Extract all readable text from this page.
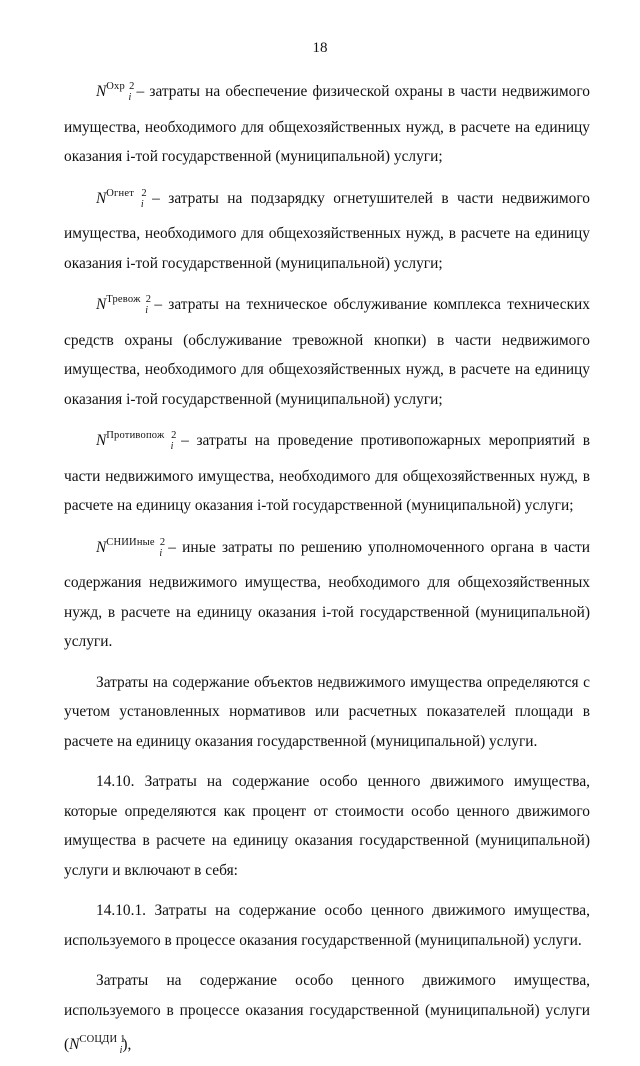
18

$N^{Охр 2}_i$ – затраты на обеспечение физической охраны в части недвижимого имущества, необходимого для общехозяйственных нужд, в расчете на единицу оказания i-той государственной (муниципальной) услуги;

$N^{Огнет 2}_i$ – затраты на подзарядку огнетушителей в части недвижимого имущества, необходимого для общехозяйственных нужд, в расчете на единицу оказания i-той государственной (муниципальной) услуги;

$N^{Тревож 2}_i$ – затраты на техническое обслуживание комплекса технических средств охраны (обслуживание тревожной кнопки) в части недвижимого имущества, необходимого для общехозяйственных нужд, в расчете на единицу оказания i-той государственной (муниципальной) услуги;

$N^{Противопож 2}_i$ – затраты на проведение противопожарных мероприятий в части недвижимого имущества, необходимого для общехозяйственных нужд, в расчете на единицу оказания i-той государственной (муниципальной) услуги;

$N^{СНИИные 2}_i$ – иные затраты по решению уполномоченного органа в части содержания недвижимого имущества, необходимого для общехозяйственных нужд, в расчете на единицу оказания i-той государственной (муниципальной) услуги.

Затраты на содержание объектов недвижимого имущества определяются с учетом установленных нормативов или расчетных показателей площади в расчете на единицу оказания государственной (муниципальной) услуги.

14.10. Затраты на содержание особо ценного движимого имущества, которые определяются как процент от стоимости особо ценного движимого имущества в расчете на единицу оказания государственной (муниципальной) услуги и включают в себя:

14.10.1. Затраты на содержание особо ценного движимого имущества, используемого в процессе оказания государственной (муниципальной) услуги.

Затраты на содержание особо ценного движимого имущества, используемого в процессе оказания государственной (муниципальной) услуги $(N^{СОЦДИ 1}_i)$,
